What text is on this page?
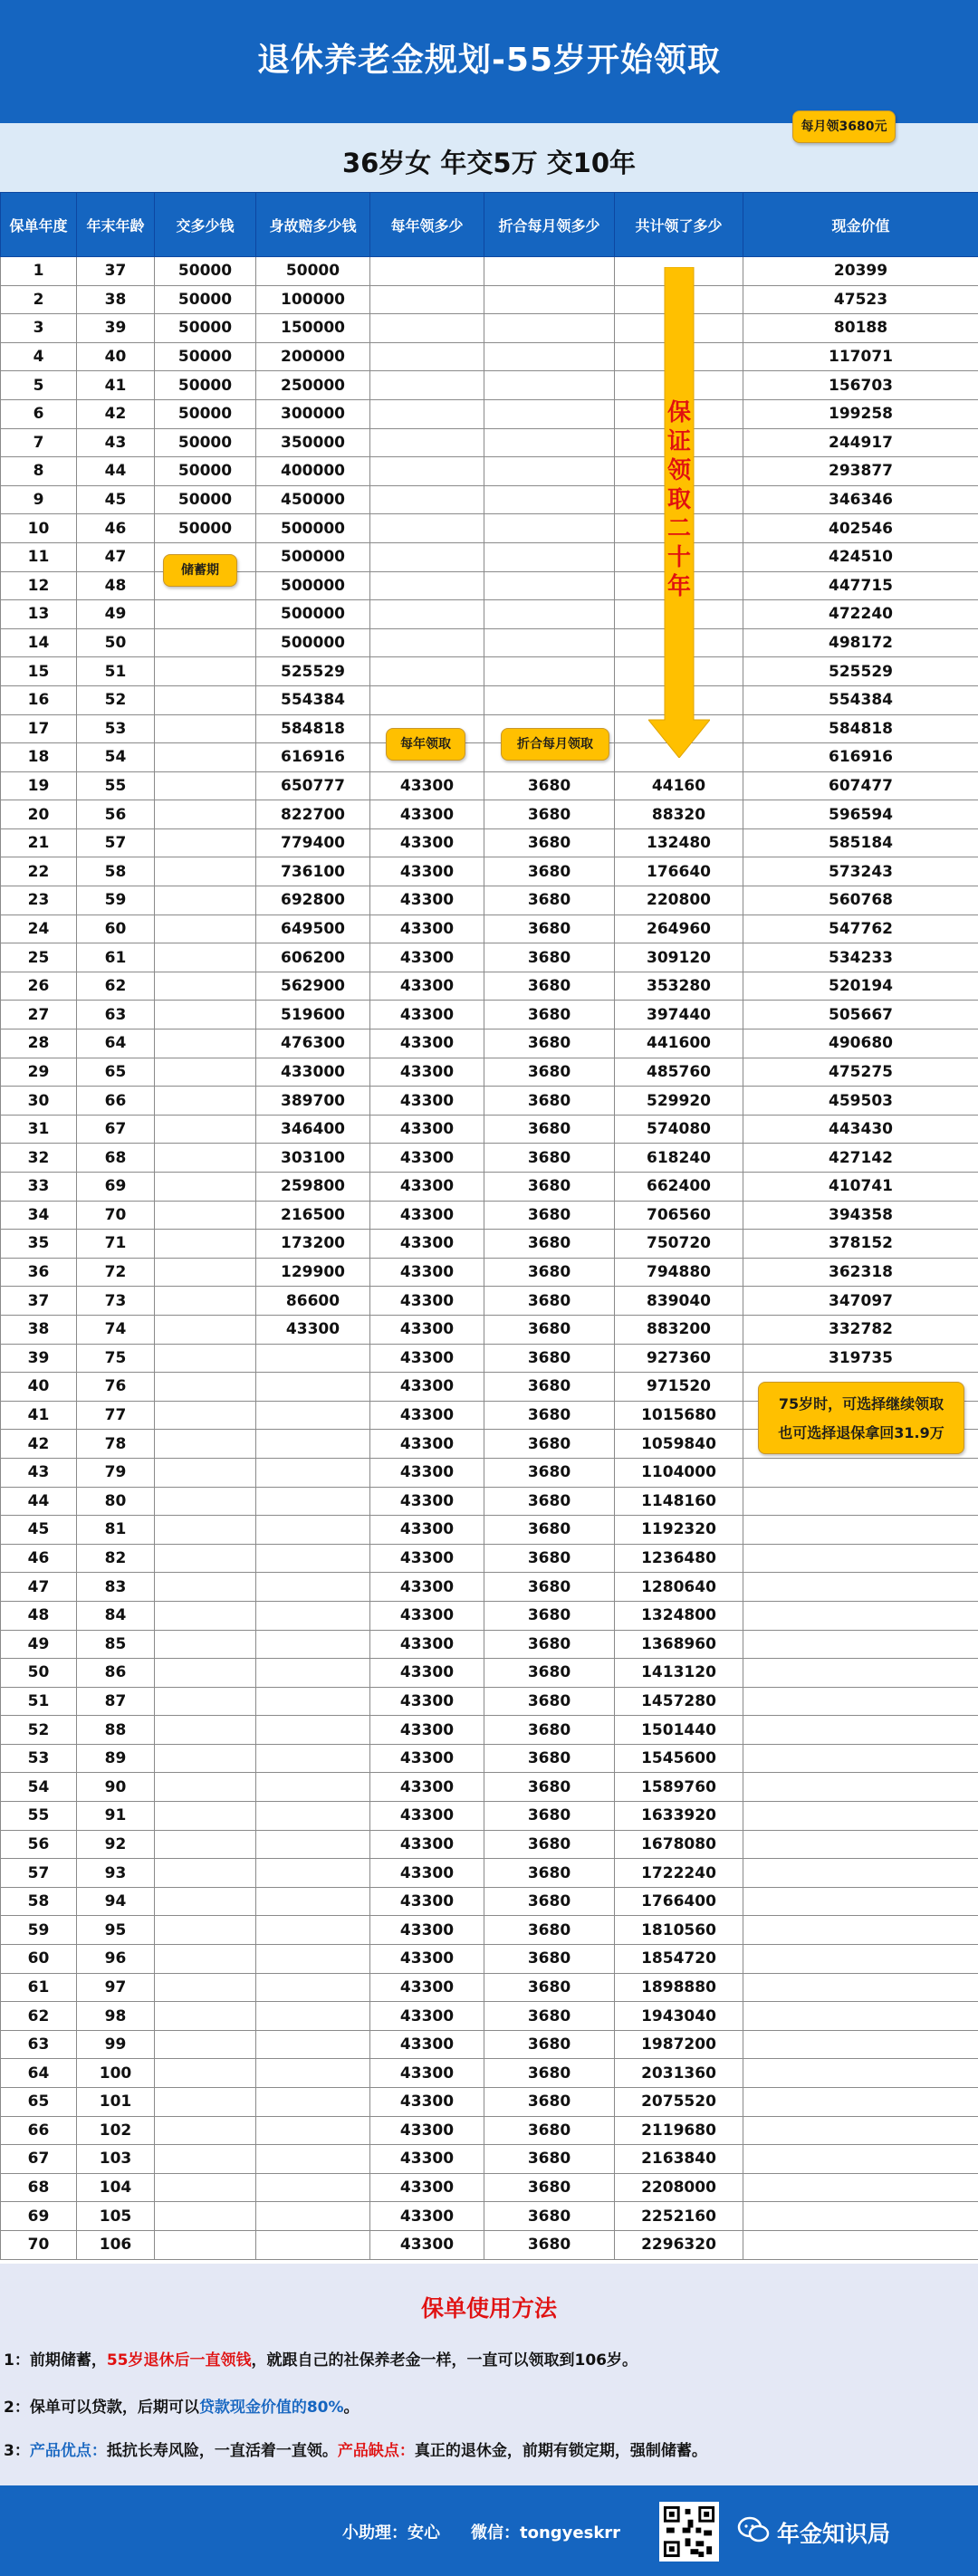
退休养老金规划-55岁开始领取
36岁女 年交5万 交10年
每月领3680元
保单年度	年末年龄	交多少钱	身故赔多少钱	每年领多少	折合每月领多少	共计领了多少	现金价值
1	37	50000	50000				20399
2	38	50000	100000				47523
3	39	50000	150000				80188
4	40	50000	200000				117071
5	41	50000	250000				156703
6	42	50000	300000				199258
7	43	50000	350000				244917
8	44	50000	400000				293877
9	45	50000	450000				346346
10	46	50000	500000				402546
11	47		500000				424510
12	48		500000				447715
13	49		500000				472240
14	50		500000				498172
15	51		525529				525529
16	52		554384				554384
17	53		584818				584818
18	54		616916				616916
19	55		650777	43300	3680	44160	607477
20	56		822700	43300	3680	88320	596594
21	57		779400	43300	3680	132480	585184
22	58		736100	43300	3680	176640	573243
23	59		692800	43300	3680	220800	560768
24	60		649500	43300	3680	264960	547762
25	61		606200	43300	3680	309120	534233
26	62		562900	43300	3680	353280	520194
27	63		519600	43300	3680	397440	505667
28	64		476300	43300	3680	441600	490680
29	65		433000	43300	3680	485760	475275
30	66		389700	43300	3680	529920	459503
31	67		346400	43300	3680	574080	443430
32	68		303100	43300	3680	618240	427142
33	69		259800	43300	3680	662400	410741
34	70		216500	43300	3680	706560	394358
35	71		173200	43300	3680	750720	378152
36	72		129900	43300	3680	794880	362318
37	73		86600	43300	3680	839040	347097
38	74		43300	43300	3680	883200	332782
39	75			43300	3680	927360	319735
40	76			43300	3680	971520	
41	77			43300	3680	1015680	
42	78			43300	3680	1059840	
43	79			43300	3680	1104000	
44	80			43300	3680	1148160	
45	81			43300	3680	1192320	
46	82			43300	3680	1236480	
47	83			43300	3680	1280640	
48	84			43300	3680	1324800	
49	85			43300	3680	1368960	
50	86			43300	3680	1413120	
51	87			43300	3680	1457280	
52	88			43300	3680	1501440	
53	89			43300	3680	1545600	
54	90			43300	3680	1589760	
55	91			43300	3680	1633920	
56	92			43300	3680	1678080	
57	93			43300	3680	1722240	
58	94			43300	3680	1766400	
59	95			43300	3680	1810560	
60	96			43300	3680	1854720	
61	97			43300	3680	1898880	
62	98			43300	3680	1943040	
63	99			43300	3680	1987200	
64	100			43300	3680	2031360	
65	101			43300	3680	2075520	
66	102			43300	3680	2119680	
67	103			43300	3680	2163840	
68	104			43300	3680	2208000	
69	105			43300	3680	2252160	
70	106			43300	3680	2296320	
保证领取二十年
储蓄期
每年领取	折合每月领取
75岁时，可选择继续领取
也可选择退保拿回31.9万
保单使用方法
1：前期储蓄，55岁退休后一直领钱，就跟自己的社保养老金一样，一直可以领取到106岁。
2：保单可以贷款，后期可以贷款现金价值的80%。
3：产品优点：抵抗长寿风险，一直活着一直领。产品缺点：真正的退休金，前期有锁定期，强制储蓄。
小助理：安心 微信：tongyeskrr	年金知识局
